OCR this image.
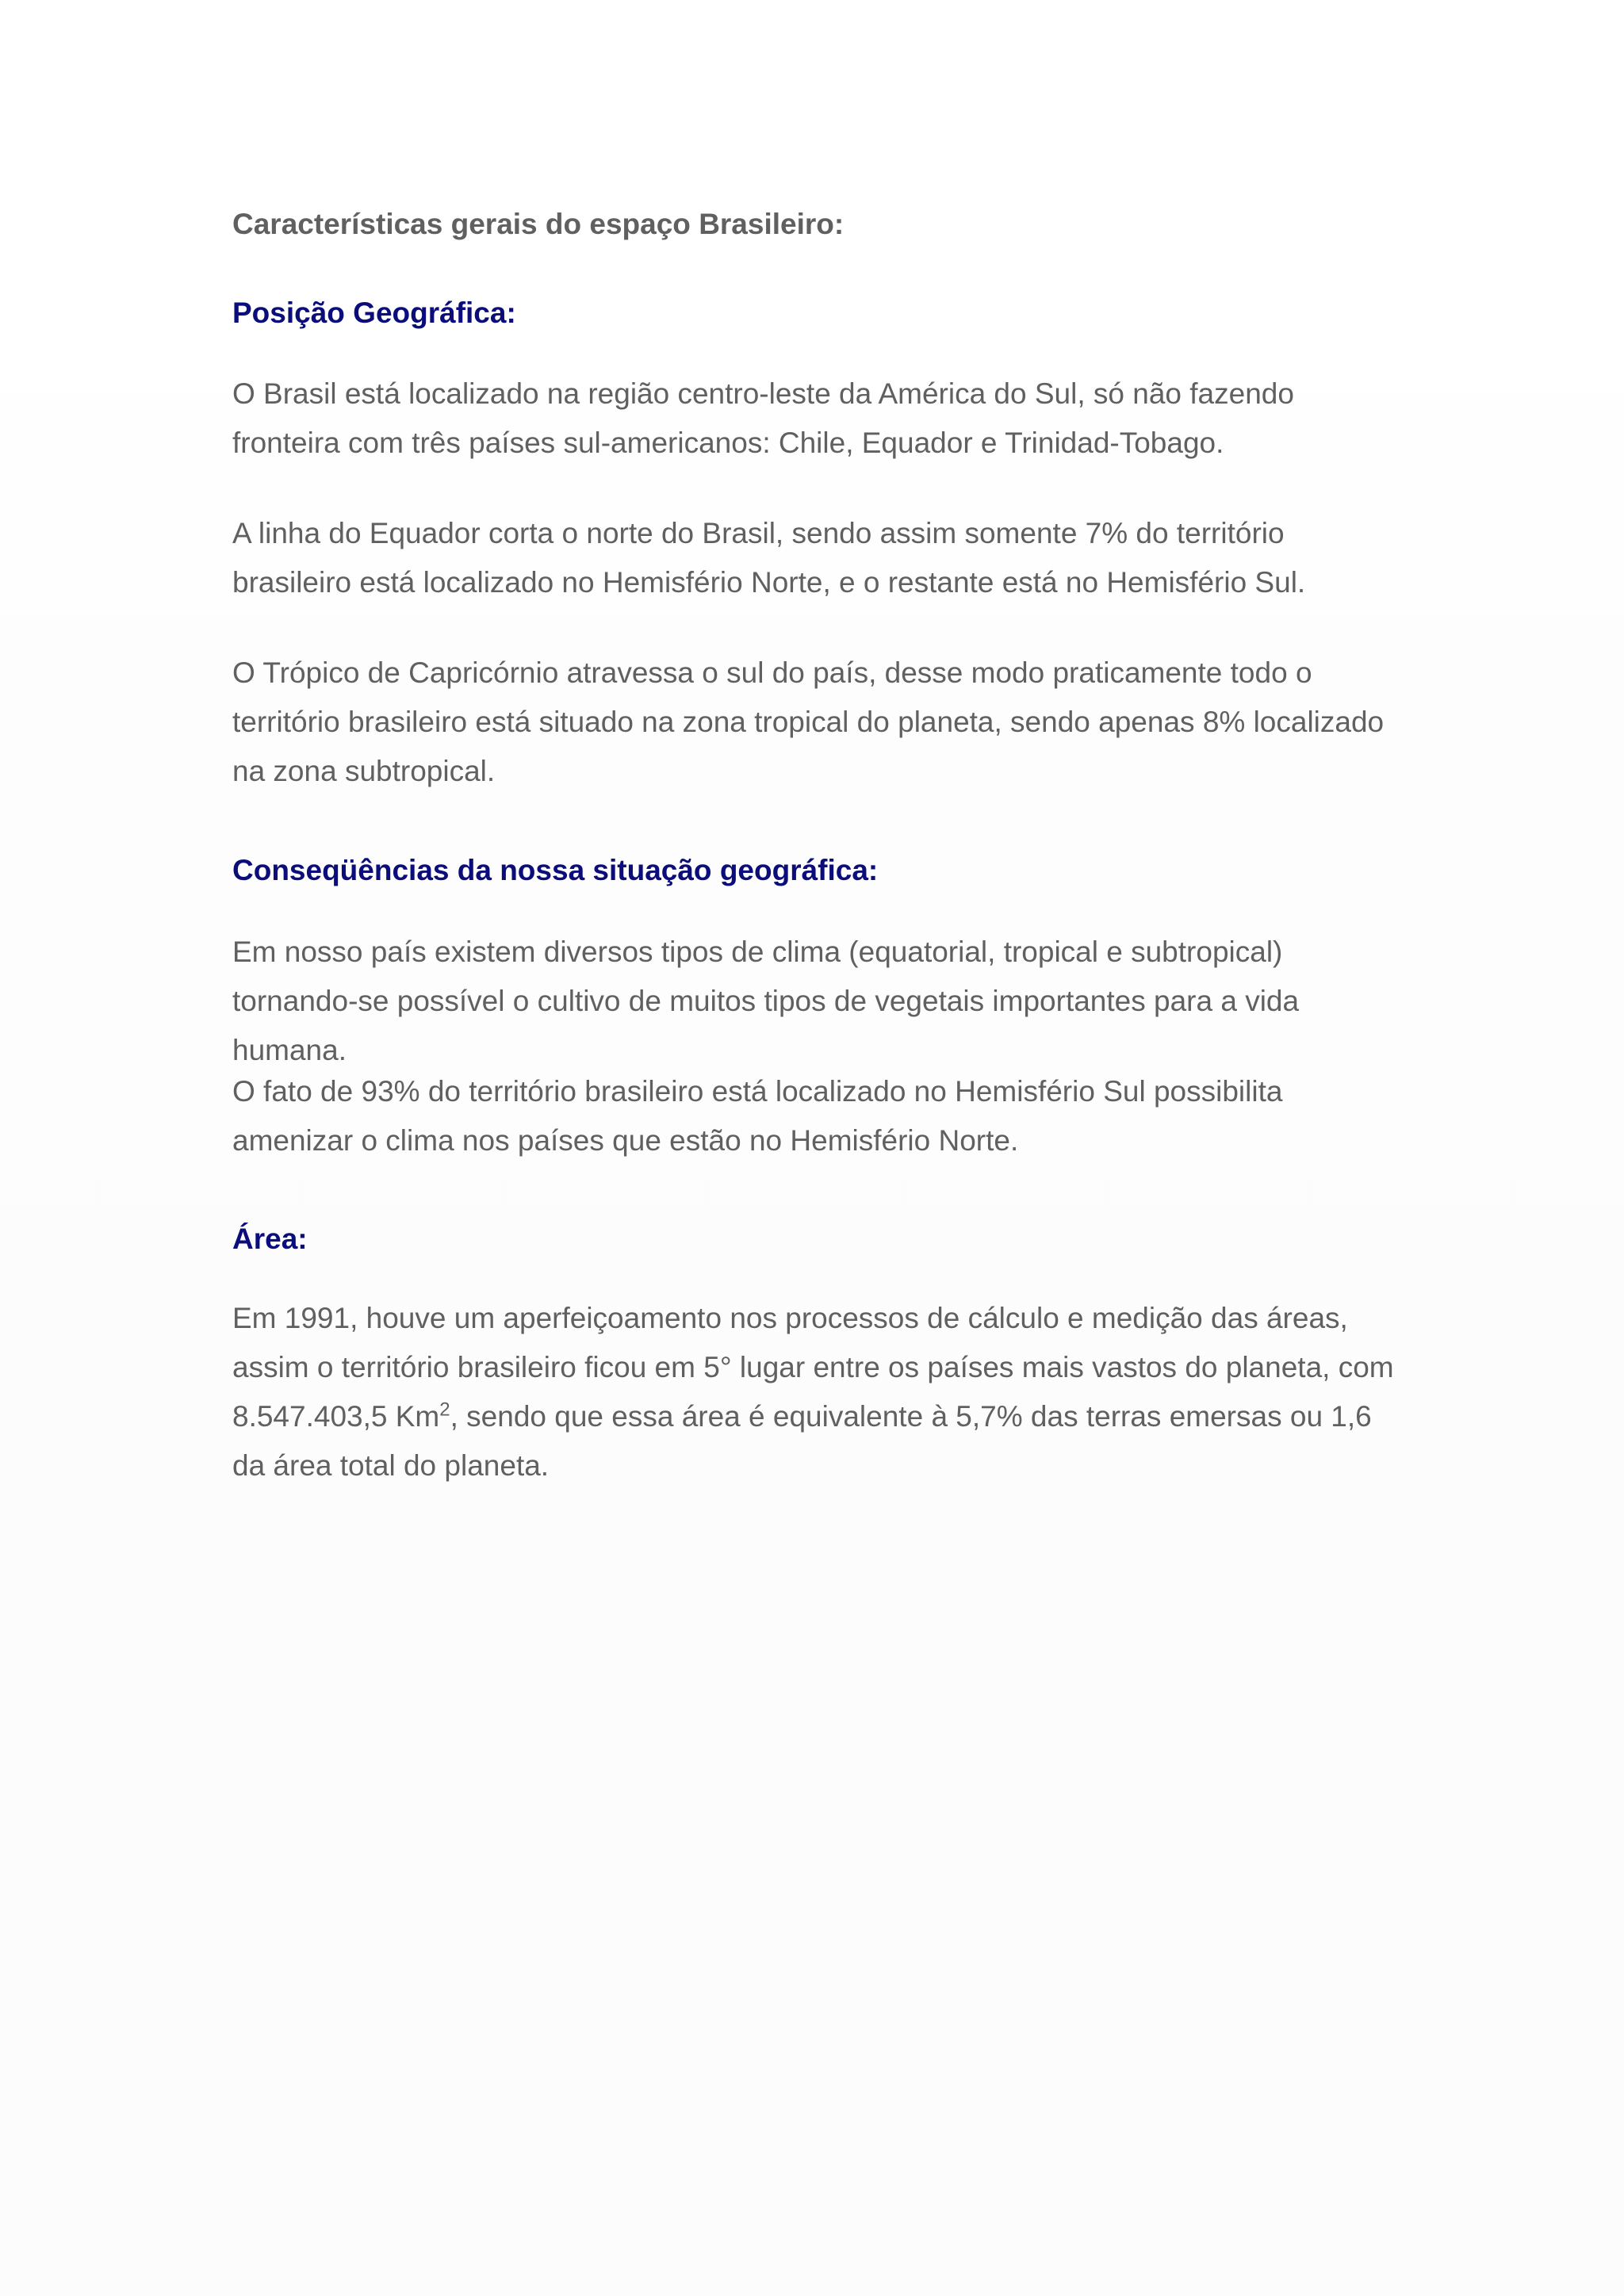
Características gerais do espaço Brasileiro:

Posição Geográfica:

O Brasil está localizado na região centro-leste da América do Sul, só não fazendo fronteira com três países sul-americanos: Chile, Equador e Trinidad-Tobago.

A linha do Equador corta o norte do Brasil, sendo assim somente 7% do território brasileiro está localizado no Hemisfério Norte, e o restante está no Hemisfério Sul.

O Trópico de Capricórnio atravessa o sul do país, desse modo praticamente todo o território brasileiro está situado na zona tropical do planeta, sendo apenas 8% localizado na zona subtropical.

Conseqüências da nossa situação geográfica:

Em nosso país existem diversos tipos de clima (equatorial, tropical e subtropical) tornando-se possível o cultivo de muitos tipos de vegetais importantes para a vida humana.

O fato de 93% do território brasileiro está localizado no Hemisfério Sul possibilita amenizar o clima nos países que estão no Hemisfério Norte.

Área:

Em 1991, houve um aperfeiçoamento nos processos de cálculo e medição das áreas, assim o território brasileiro ficou em 5° lugar entre os países mais vastos do planeta, com 8.547.403,5 Km$^2$, sendo que essa área é equivalente à 5,7% das terras emersas ou 1,6 da área total do planeta.
